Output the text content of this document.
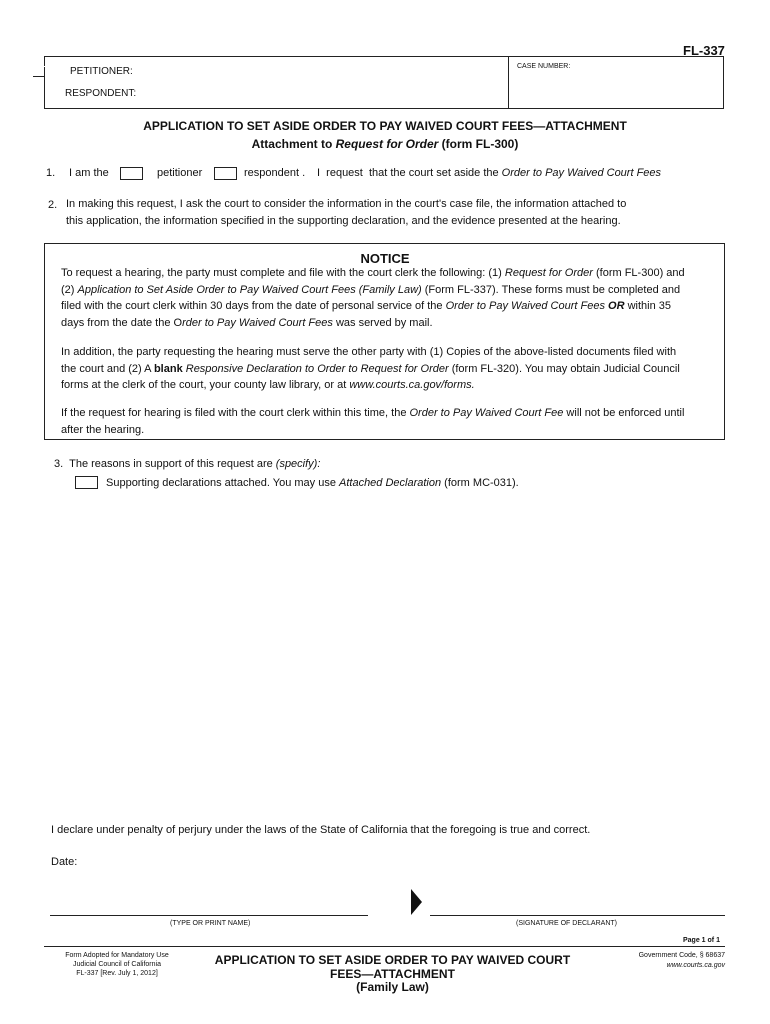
FL-337
PETITIONER:
RESPONDENT:
CASE NUMBER:
APPLICATION TO SET ASIDE ORDER TO PAY WAIVED COURT FEES—ATTACHMENT
Attachment to Request for Order (form FL-300)
1. I am the	petitioner	respondent . I  request  that the court set aside the Order to Pay Waived Court Fees
2. In making this request, I ask the court to consider the information in the court's case file, the information attached to

this application, the information specified in the supporting declaration, and the evidence presented at the hearing.

NOTICE

To request a hearing, the party must complete and file with the court clerk the following: (1) Request for Order (form FL-300) and

(2) Application to Set Aside Order to Pay Waived Court Fees (Family Law) (Form FL-337). These forms must be completed and

filed with the court clerk within 30 days from the date of personal service of the Order to Pay Waived Court Fees OR within 35

days from the date the Order to Pay Waived Court Fees was served by mail.

In addition, the party requesting the hearing must serve the other party with (1) Copies of the above-listed documents filed with

the court and (2) A blank Responsive Declaration to Order to Request for Order (form FL-320). You may obtain Judicial Council

forms at the clerk of the court, your county law library, or at www.courts.ca.gov/forms.

If the request for hearing is filed with the court clerk within this time, the Order to Pay Waived Court Fee will not be enforced until

after the hearing.

3. The reasons in support of this request are (specify):
Supporting declarations attached. You may use Attached Declaration (form MC-031).
I declare under penalty of perjury under the laws of the State of California that the foregoing is true and correct.
Date:
(TYPE OR PRINT NAME)	(SIGNATURE OF DECLARANT)
Page 1 of 1
Form Adopted for Mandatory Use
Judicial Council of California
FL-337 [Rev. July 1, 2012]
APPLICATION TO SET ASIDE ORDER TO PAY WAIVED COURT
FEES—ATTACHMENT
(Family Law)
Government Code, § 68637
www.courts.ca.gov
